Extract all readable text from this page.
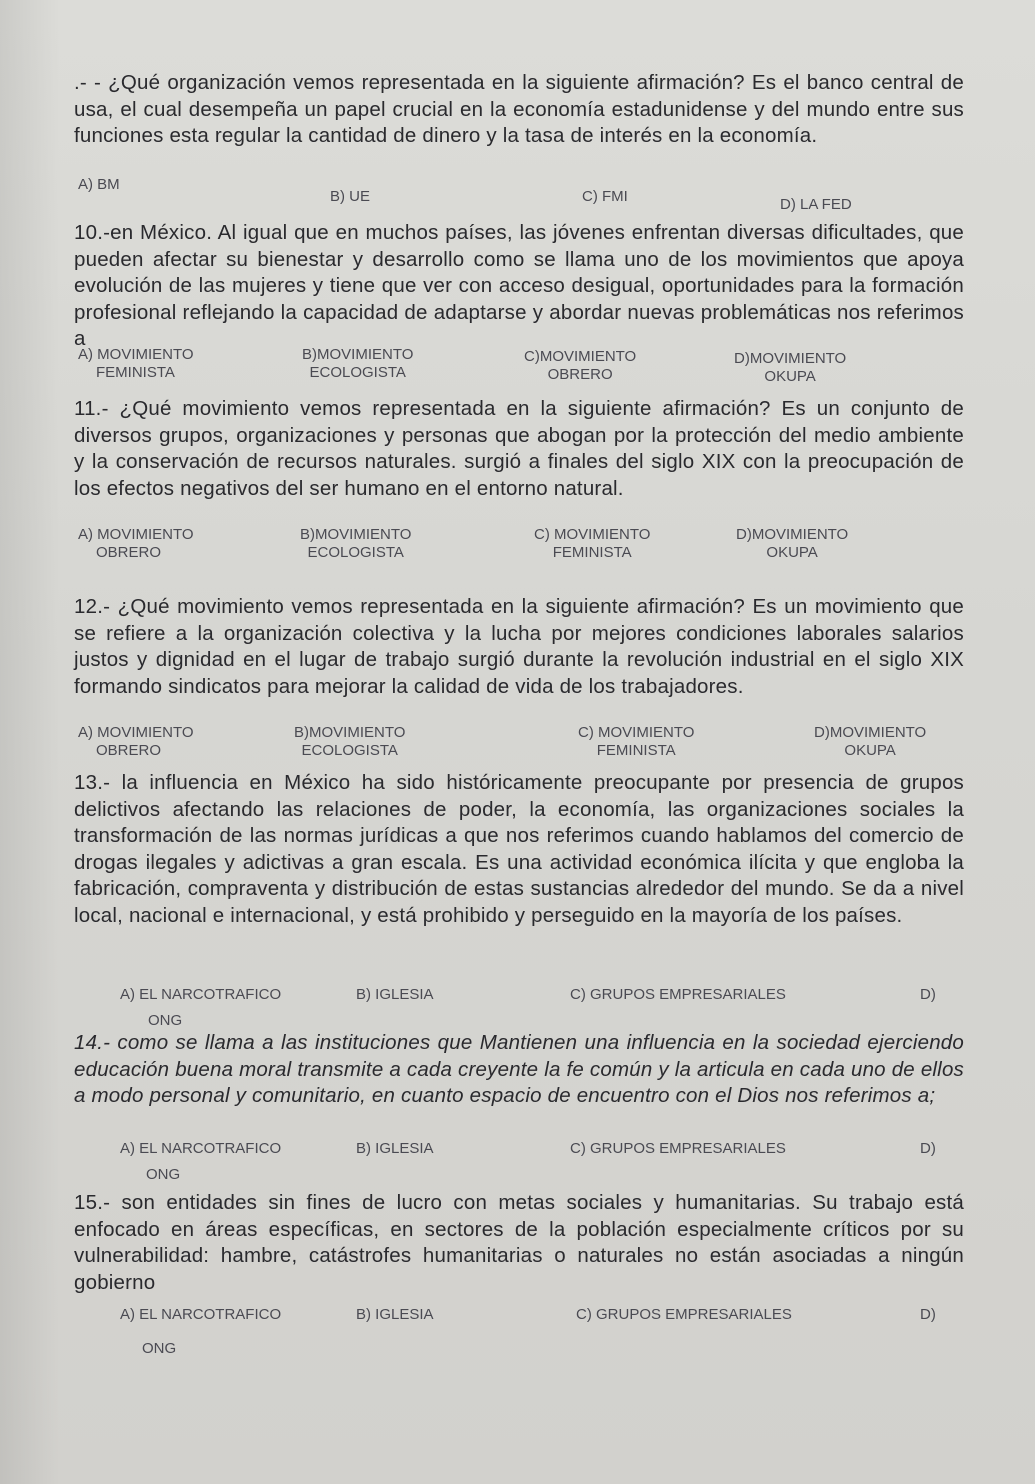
.- - ¿Qué organización vemos representada en la siguiente afirmación? Es el banco central de usa, el cual desempeña un papel crucial en la economía estadunidense y del mundo entre sus funciones esta regular la cantidad de dinero y la tasa de interés en la economía.
A) BM
B) UE	C) FMI	D) LA FED
10.-en México. Al igual que en muchos países, las jóvenes enfrentan diversas dificultades, que pueden afectar su bienestar y desarrollo como se llama uno de los movimientos que apoya evolución de las mujeres y tiene que ver con acceso desigual, oportunidades para la formación profesional reflejando la capacidad de adaptarse y abordar nuevas problemáticas nos referimos a
A) MOVIMIENTO
FEMINISTA
B)MOVIMIENTO
ECOLOGISTA
C)MOVIMIENTO
OBRERO
D)MOVIMIENTO
OKUPA
11.- ¿Qué movimiento vemos representada en la siguiente afirmación? Es un conjunto de diversos grupos, organizaciones y personas que abogan por la protección del medio ambiente y la conservación de recursos naturales. surgió a finales del siglo XIX con la preocupación de los efectos negativos del ser humano en el entorno natural.
A) MOVIMIENTO
OBRERO
B)MOVIMIENTO
ECOLOGISTA
C) MOVIMIENTO
FEMINISTA
D)MOVIMIENTO
OKUPA
12.- ¿Qué movimiento vemos representada en la siguiente afirmación? Es un movimiento que se refiere a la organización colectiva y la lucha por mejores condiciones laborales salarios justos y dignidad en el lugar de trabajo surgió durante la revolución industrial en el siglo XIX formando sindicatos para mejorar la calidad de vida de los trabajadores.
A) MOVIMIENTO
OBRERO
B)MOVIMIENTO
ECOLOGISTA
C) MOVIMIENTO
FEMINISTA
D)MOVIMIENTO
OKUPA
13.- la influencia en México ha sido históricamente preocupante por presencia de grupos delictivos afectando las relaciones de poder, la economía, las organizaciones sociales la transformación de las normas jurídicas a que nos referimos cuando hablamos del comercio de drogas ilegales y adictivas a gran escala. Es una actividad económica ilícita y que engloba la fabricación, compraventa y distribución de estas sustancias alrededor del mundo. Se da a nivel local, nacional e internacional, y está prohibido y perseguido en la mayoría de los países.
A) EL NARCOTRAFICO	B) IGLESIA	C) GRUPOS EMPRESARIALES	D)
ONG
14.- como se llama a las instituciones que Mantienen una influencia en la sociedad ejerciendo educación buena moral transmite a cada creyente la fe común y la articula en cada uno de ellos a modo personal y comunitario, en cuanto espacio de encuentro con el Dios nos referimos a;
A) EL NARCOTRAFICO	B) IGLESIA	C) GRUPOS EMPRESARIALES	D)
ONG
15.- son entidades sin fines de lucro con metas sociales y humanitarias. Su trabajo está enfocado en áreas específicas, en sectores de la población especialmente críticos por su vulnerabilidad: hambre, catástrofes humanitarias o naturales no están asociadas a ningún gobierno
A) EL NARCOTRAFICO	B) IGLESIA	C) GRUPOS EMPRESARIALES	D)
ONG
